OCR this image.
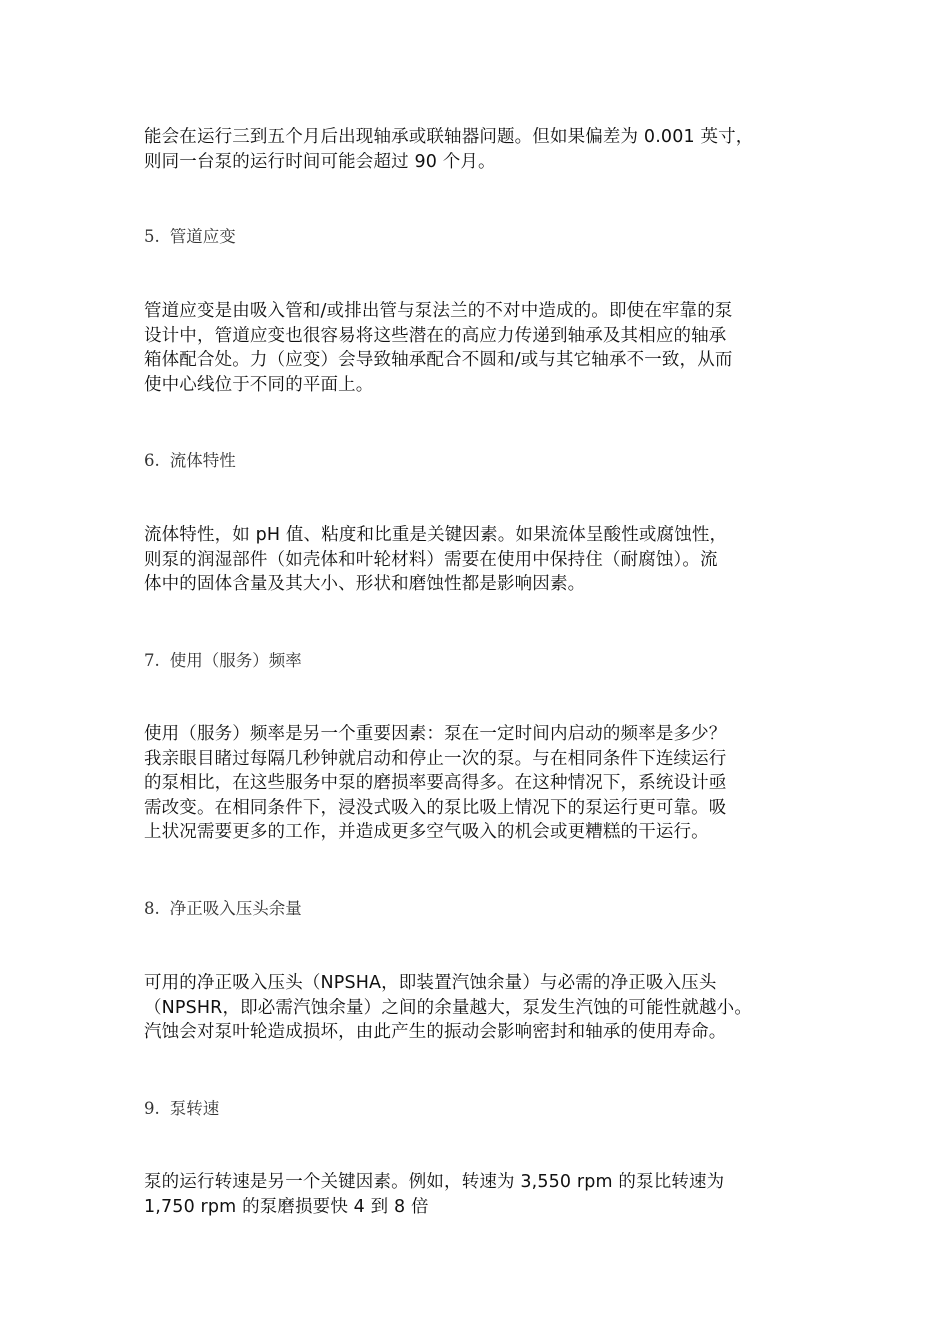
能会在运行三到五个月后出现轴承或联轴器问题。但如果偏差为 0.001 英寸，
则同一台泵的运行时间可能会超过 90 个月。

5. 管道应变

管道应变是由吸入管和/或排出管与泵法兰的不对中造成的。即使在牢靠的泵
设计中，管道应变也很容易将这些潜在的高应力传递到轴承及其相应的轴承
箱体配合处。力（应变）会导致轴承配合不圆和/或与其它轴承不一致，从而
使中心线位于不同的平面上。

6. 流体特性

流体特性，如 pH 值、粘度和比重是关键因素。如果流体呈酸性或腐蚀性，
则泵的润湿部件（如壳体和叶轮材料）需要在使用中保持住（耐腐蚀）。流
体中的固体含量及其大小、形状和磨蚀性都是影响因素。

7. 使用（服务）频率

使用（服务）频率是另一个重要因素：泵在一定时间内启动的频率是多少？
我亲眼目睹过每隔几秒钟就启动和停止一次的泵。与在相同条件下连续运行
的泵相比，在这些服务中泵的磨损率要高得多。在这种情况下，系统设计亟
需改变。在相同条件下，浸没式吸入的泵比吸上情况下的泵运行更可靠。吸
上状况需要更多的工作，并造成更多空气吸入的机会或更糟糕的干运行。

8. 净正吸入压头余量

可用的净正吸入压头（NPSHA，即装置汽蚀余量）与必需的净正吸入压头
（NPSHR，即必需汽蚀余量）之间的余量越大，泵发生汽蚀的可能性就越小。
汽蚀会对泵叶轮造成损坏，由此产生的振动会影响密封和轴承的使用寿命。

9. 泵转速

泵的运行转速是另一个关键因素。例如，转速为 3,550 rpm 的泵比转速为
1,750 rpm 的泵磨损要快 4 到 8 倍
